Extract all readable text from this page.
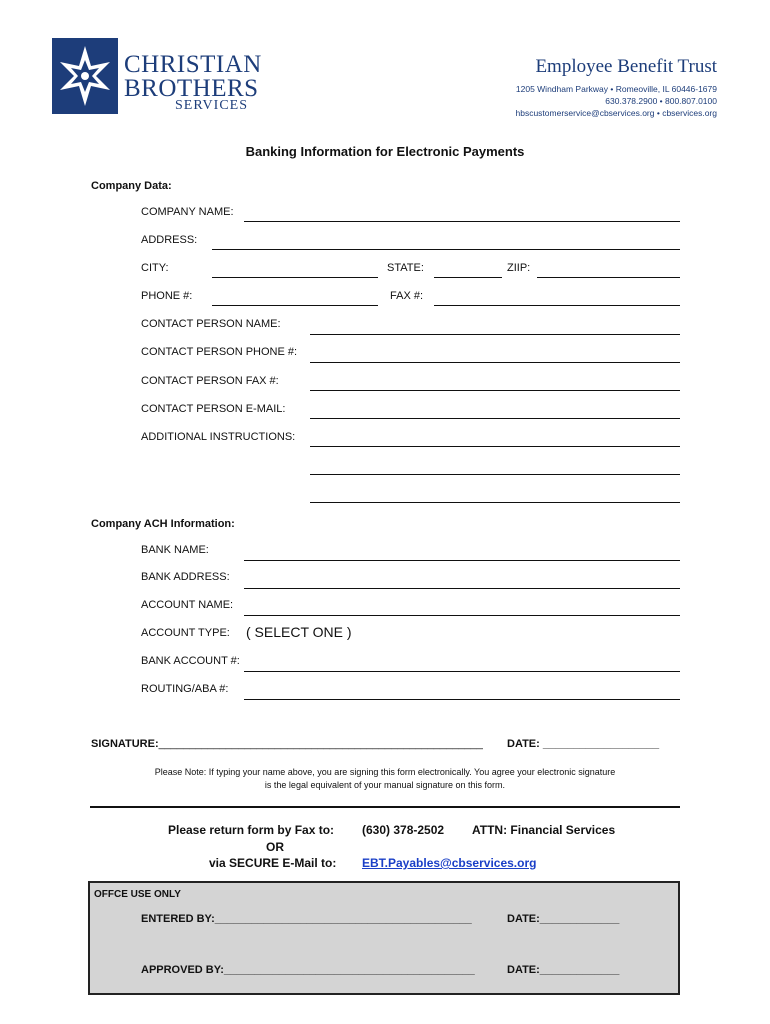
CHRISTIAN
BROTHERS
SERVICES
Employee Benefit Trust
1205 Windham Parkway • Romeoville, IL 60446-1679
630.378.2900 • 800.807.0100
hbscustomerservice@cbservices.org • cbservices.org
Banking Information for Electronic Payments
Company Data:
COMPANY NAME:
ADDRESS:
CITY:	STATE:	ZIIP:
PHONE #:	FAX #:
CONTACT PERSON NAME:
CONTACT PERSON PHONE #:
CONTACT PERSON FAX #:
CONTACT PERSON E-MAIL:
ADDITIONAL INSTRUCTIONS:
Company ACH Information:
BANK NAME:
BANK ADDRESS:
ACCOUNT NAME:
ACCOUNT TYPE: ( SELECT ONE )
BANK ACCOUNT #:
ROUTING/ABA #:
SIGNATURE:_____________________________________________________ DATE: ___________________
Please Note: If typing your name above, you are signing this form electronically. You agree your electronic signature
is the legal equivalent of your manual signature on this form.
Please return form by Fax to: (630) 378-2502 ATTN: Financial Services
OR
via SECURE E-Mail to: EBT.Payables@cbservices.org
OFFCE USE ONLY
ENTERED BY:__________________________________________	DATE:_____________
APPROVED BY:_________________________________________	DATE:_____________
